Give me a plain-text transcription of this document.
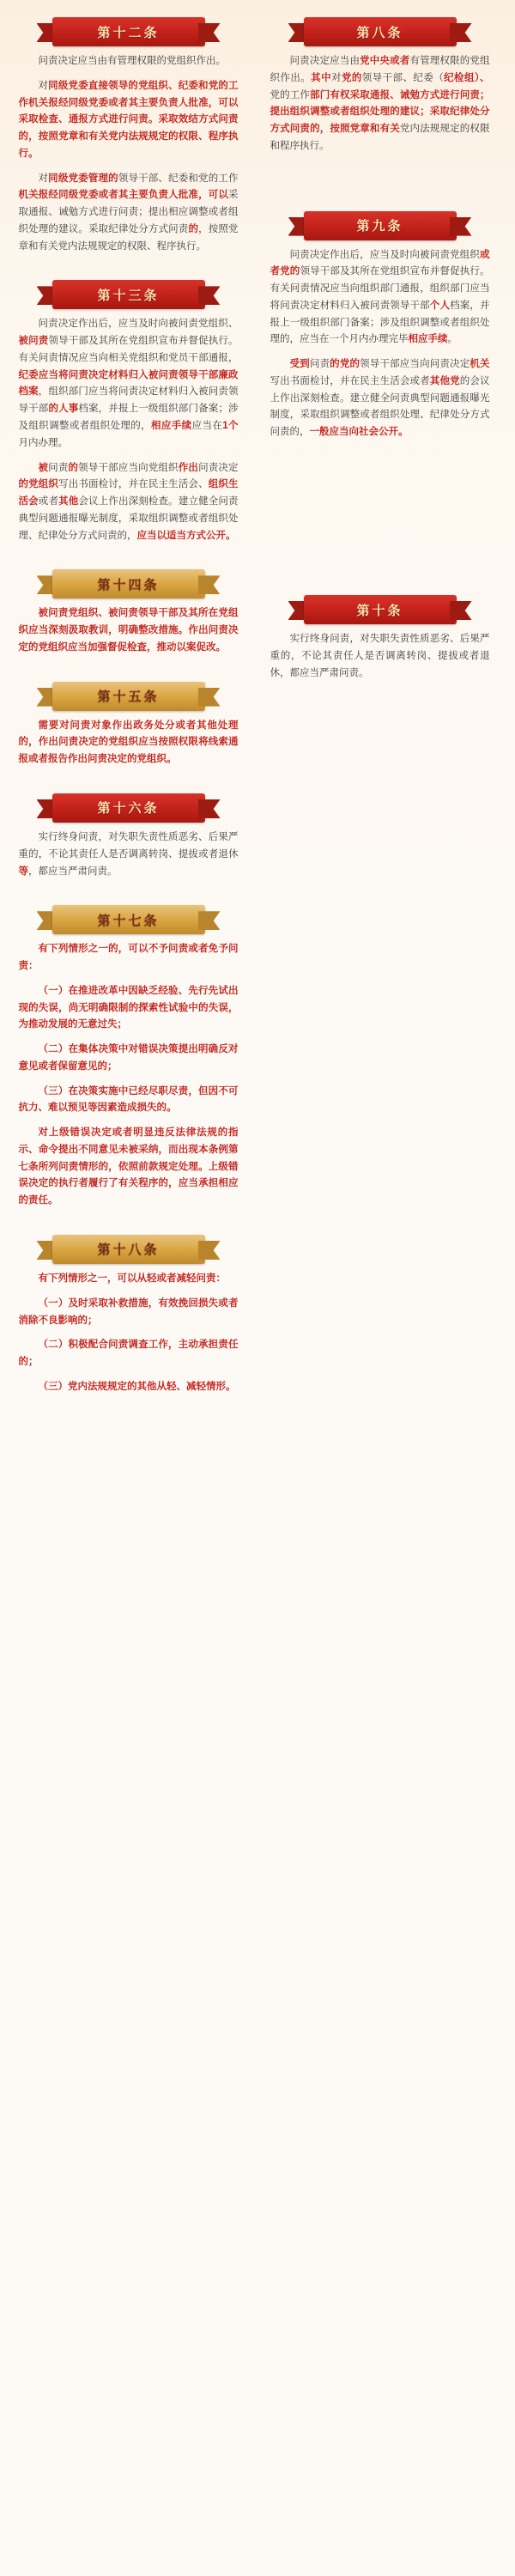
第十二条

问责决定应当由有管理权限的党组织作出。

对同级党委直接领导的党组织、纪委和党的工作机关报经同级党委或者其主要负责人批准，可以采取检查、通报方式进行问责。采取效结方式问责的，按照党章和有关党内法规规定的权限、程序执行。

对同级党委管理的领导干部、纪委和党的工作机关报经同级党委或者其主要负责人批准，可以采取通报、诫勉方式进行问责；提出相应调整或者组织处理的建议。采取纪律处分方式问责的，按照党章和有关党内法规规定的权限、程序执行。

第十三条

问责决定作出后，应当及时向被问责党组织、被问责领导干部及其所在党组织宣布并督促执行。有关问责情况应当向相关党组织和党员干部通报，纪委应当将问责决定材料归入被问责领导干部廉政档案，组织部门应当将问责决定材料归入被问责领导干部的人事档案，并报上一级组织部门备案；涉及组织调整或者组织处理的，相应手续应当在1个月内办理。

被问责的领导干部应当向党组织作出问责决定的党组织写出书面检讨，并在民主生活会、组织生活会或者其他会议上作出深刻检查。建立健全问责典型问题通报曝光制度，采取组织调整或者组织处理、纪律处分方式问责的，应当以适当方式公开。

第十四条

被问责党组织、被问责领导干部及其所在党组织应当深刻汲取教训，明确整改措施。作出问责决定的党组织应当加强督促检查，推动以案促改。

第十五条

需要对问责对象作出政务处分或者其他处理的，作出问责决定的党组织应当按照权限将线索通报或者报告作出问责决定的党组织。

第十六条

实行终身问责，对失职失责性质恶劣、后果严重的，不论其责任人是否调离转岗、提拔或者退休等，都应当严肃问责。

第十七条

有下列情形之一的，可以不予问责或者免予问责：

（一）在推进改革中因缺乏经验、先行先试出现的失误，尚无明确限制的探索性试验中的失误，为推动发展的无意过失；

（二）在集体决策中对错误决策提出明确反对意见或者保留意见的；

（三）在决策实施中已经尽职尽责，但因不可抗力、难以预见等因素造成损失的。

对上级错误决定或者明显违反法律法规的指示、命令提出不同意见未被采纳，而出现本条例第七条所列问责情形的，依照前款规定处理。上级错误决定的执行者履行了有关程序的，应当承担相应的责任。

第十八条

有下列情形之一，可以从轻或者减轻问责：

（一）及时采取补救措施，有效挽回损失或者消除不良影响的；

（二）积极配合问责调查工作，主动承担责任的；

（三）党内法规规定的其他从轻、减轻情形。

第八条

问责决定应当由党中央或者有管理权限的党组织作出。其中对党的领导干部、纪委（纪检组）、党的工作部门有权采取通报、诫勉方式进行问责；提出组织调整或者组织处理的建议；采取纪律处分方式问责的，按照党章和有关党内法规规定的权限和程序执行。

第九条

问责决定作出后，应当及时向被问责党组织或者党的领导干部及其所在党组织宣布并督促执行。有关问责情况应当向组织部门通报，组织部门应当将问责决定材料归入被问责领导干部个人档案，并报上一级组织部门备案；涉及组织调整或者组织处理的，应当在一个月内办理完毕相应手续。

受到问责的党的领导干部应当向问责决定机关写出书面检讨，并在民主生活会或者其他党的会议上作出深刻检查。建立健全问责典型问题通报曝光制度，采取组织调整或者组织处理、纪律处分方式问责的，一般应当向社会公开。

第十条

实行终身问责，对失职失责性质恶劣、后果严重的，不论其责任人是否调离转岗、提拔或者退休，都应当严肃问责。
